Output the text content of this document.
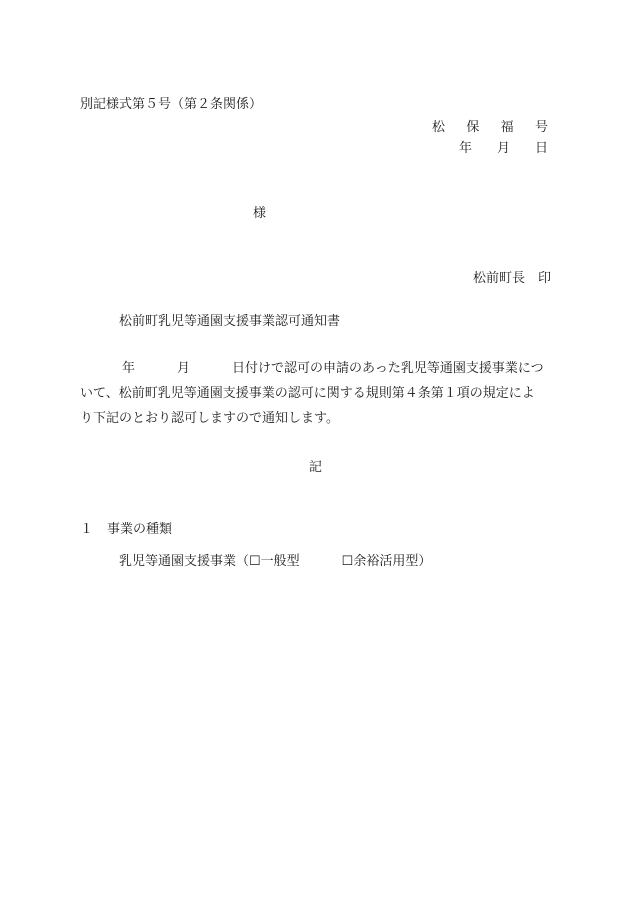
別記様式第５号（第２条関係）
松 保 福 号
年 月 日
様
松前町長　印
松前町乳児等通園支援事業認可通知書
年	月	日付けで認可の申請のあった乳児等通園支援事業につ
いて、松前町乳児等通園支援事業の認可に関する規則第４条第１項の規定によ
り下記のとおり認可しますので通知します。
記
１ 事業の種類
乳児等通園支援事業（☐一般型	☐余裕活用型）
